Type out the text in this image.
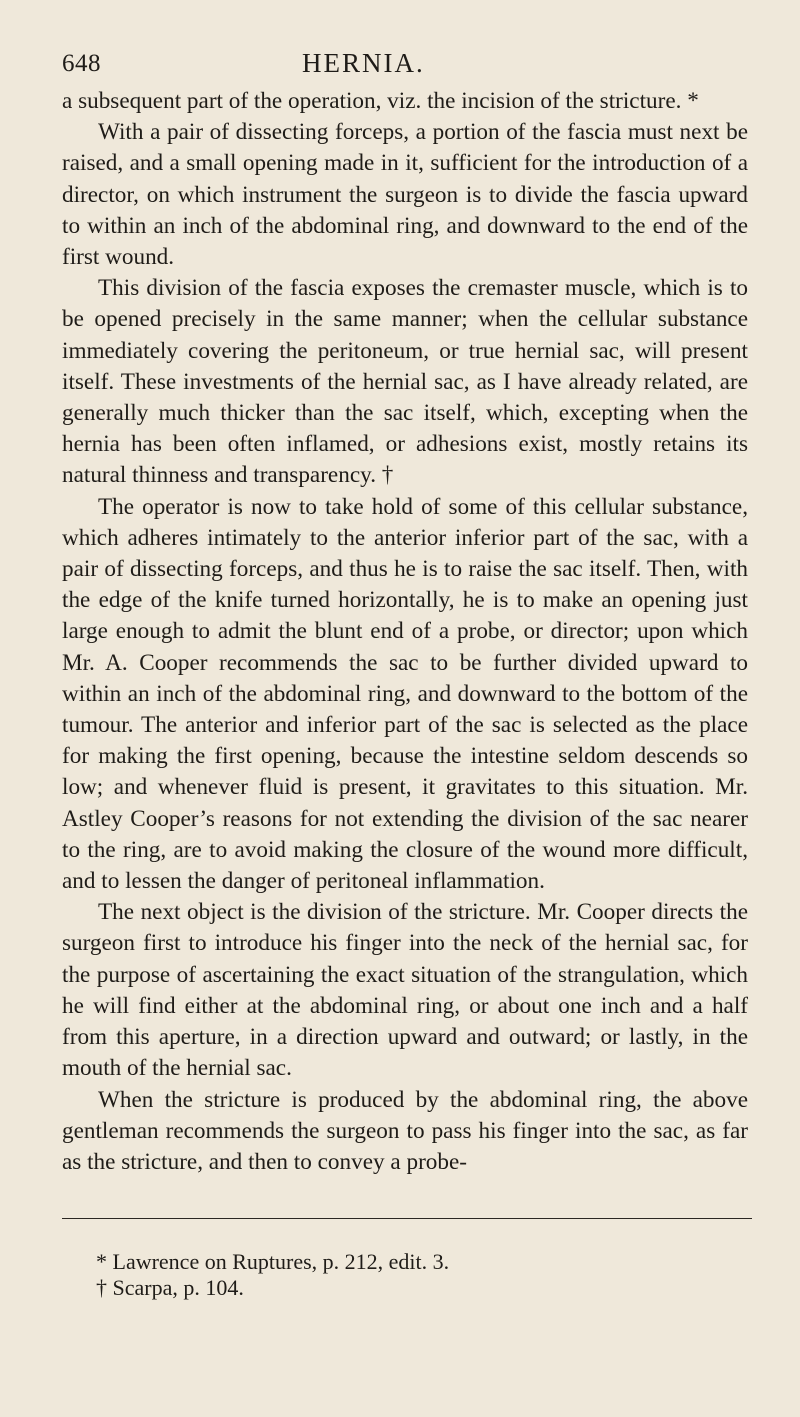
648	HERNIA.

a subsequent part of the operation, viz. the incision of the stricture. *

With a pair of dissecting forceps, a portion of the fascia must next be raised, and a small opening made in it, sufficient for the introduction of a director, on which instrument the surgeon is to divide the fascia upward to within an inch of the abdominal ring, and downward to the end of the first wound.

This division of the fascia exposes the cremaster muscle, which is to be opened precisely in the same manner; when the cellular substance immediately covering the peritoneum, or true hernial sac, will present itself. These investments of the hernial sac, as I have already related, are generally much thicker than the sac itself, which, excepting when the hernia has been often inflamed, or adhesions exist, mostly retains its natural thinness and transparency. †

The operator is now to take hold of some of this cellular substance, which adheres intimately to the anterior inferior part of the sac, with a pair of dissecting forceps, and thus he is to raise the sac itself. Then, with the edge of the knife turned horizontally, he is to make an opening just large enough to admit the blunt end of a probe, or director; upon which Mr. A. Cooper recommends the sac to be further divided upward to within an inch of the abdominal ring, and downward to the bottom of the tumour. The anterior and inferior part of the sac is selected as the place for making the first opening, because the intestine seldom descends so low; and whenever fluid is present, it gravitates to this situation. Mr. Astley Cooper’s reasons for not extending the division of the sac nearer to the ring, are to avoid making the closure of the wound more difficult, and to lessen the danger of peritoneal inflammation.

The next object is the division of the stricture. Mr. Cooper directs the surgeon first to introduce his finger into the neck of the hernial sac, for the purpose of ascertaining the exact situation of the strangulation, which he will find either at the abdominal ring, or about one inch and a half from this aperture, in a direction upward and outward; or lastly, in the mouth of the hernial sac.

When the stricture is produced by the abdominal ring, the above gentleman recommends the surgeon to pass his finger into the sac, as far as the stricture, and then to convey a probe-

* Lawrence on Ruptures, p. 212, edit. 3.

† Scarpa, p. 104.
